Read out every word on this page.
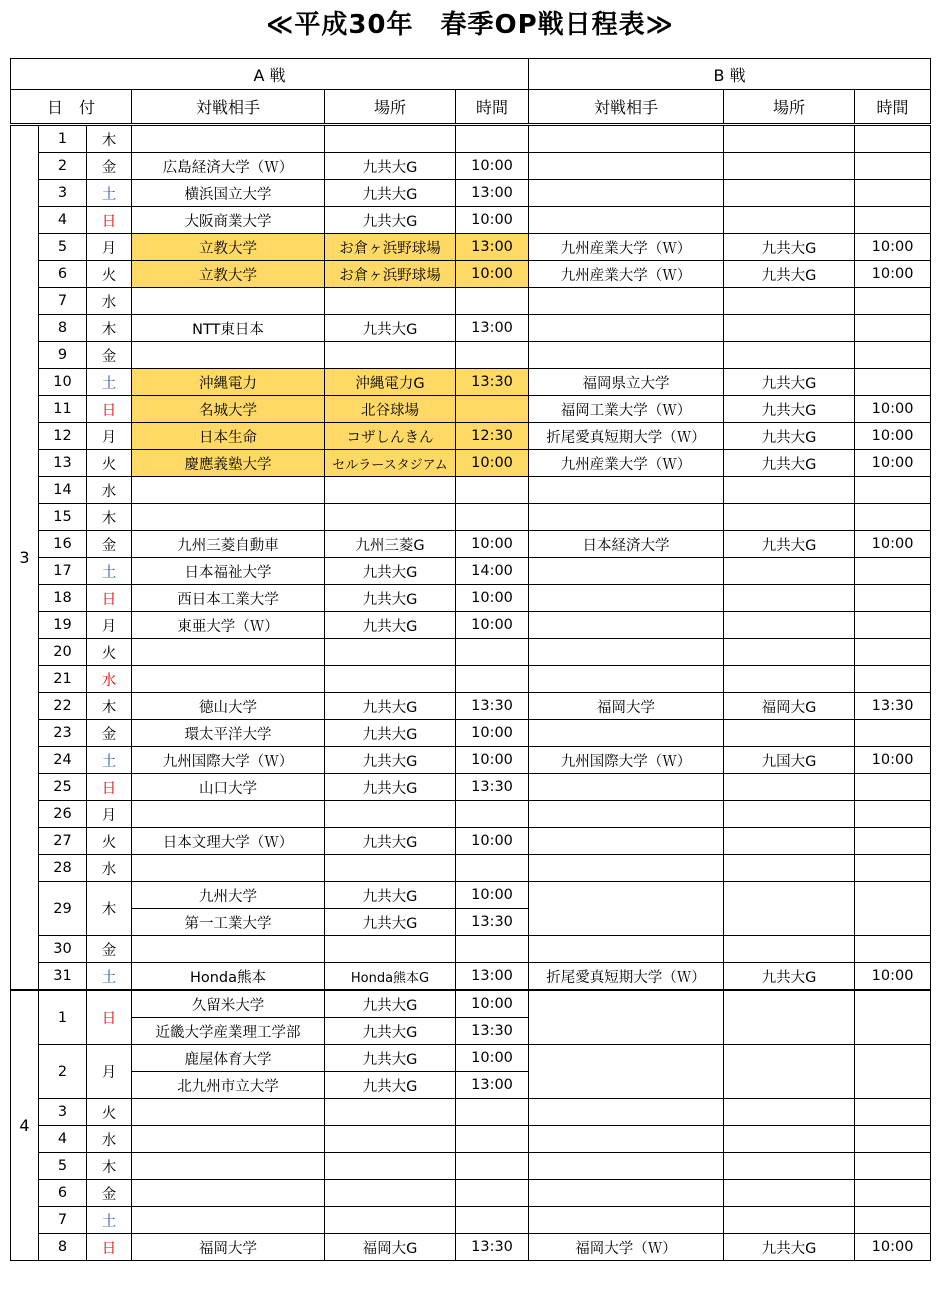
≪平成30年　春季OP戦日程表≫
A 戦						B 戦		
日　付			対戦相手	場所	時間	対戦相手	場所	時間
3	1	木						
	2	金	広島経済大学（Ｗ）	九共大G	10:00			
	3	土	横浜国立大学	九共大G	13:00			
	4	日	大阪商業大学	九共大G	10:00			
	5	月	立教大学	お倉ヶ浜野球場	13:00	九州産業大学（Ｗ）	九共大G	10:00
	6	火	立教大学	お倉ヶ浜野球場	10:00	九州産業大学（Ｗ）	九共大G	10:00
	7	水						
	8	木	NTT東日本	九共大G	13:00			
	9	金						
	10	土	沖縄電力	沖縄電力G	13:30	福岡県立大学	九共大G	
	11	日	名城大学	北谷球場		福岡工業大学（Ｗ）	九共大G	10:00
	12	月	日本生命	コザしんきん	12:30	折尾愛真短期大学（Ｗ）	九共大G	10:00
	13	火	慶應義塾大学	セルラースタジアム	10:00	九州産業大学（Ｗ）	九共大G	10:00
	14	水						
	15	木						
	16	金	九州三菱自動車	九州三菱G	10:00	日本経済大学	九共大G	10:00
	17	土	日本福祉大学	九共大G	14:00			
	18	日	西日本工業大学	九共大G	10:00			
	19	月	東亜大学（Ｗ）	九共大G	10:00			
	20	火						
	21	水						
	22	木	徳山大学	九共大G	13:30	福岡大学	福岡大G	13:30
	23	金	環太平洋大学	九共大G	10:00			
	24	土	九州国際大学（Ｗ）	九共大G	10:00	九州国際大学（Ｗ）	九国大G	10:00
	25	日	山口大学	九共大G	13:30			
	26	月						
	27	火	日本文理大学（Ｗ）	九共大G	10:00			
	28	水						
	29	木	九州大学	九共大G	10:00			
			第一工業大学	九共大G	13:30			
	30	金						
	31	土	Honda熊本	Honda熊本G	13:00	折尾愛真短期大学（Ｗ）	九共大G	10:00
4	1	日	久留米大学	九共大G	10:00			
			近畿大学産業理工学部	九共大G	13:30			
	2	月	鹿屋体育大学	九共大G	10:00			
			北九州市立大学	九共大G	13:00			
	3	火						
	4	水						
	5	木						
	6	金						
	7	土						
	8	日	福岡大学	福岡大G	13:30	福岡大学（Ｗ）	九共大G	10:00
